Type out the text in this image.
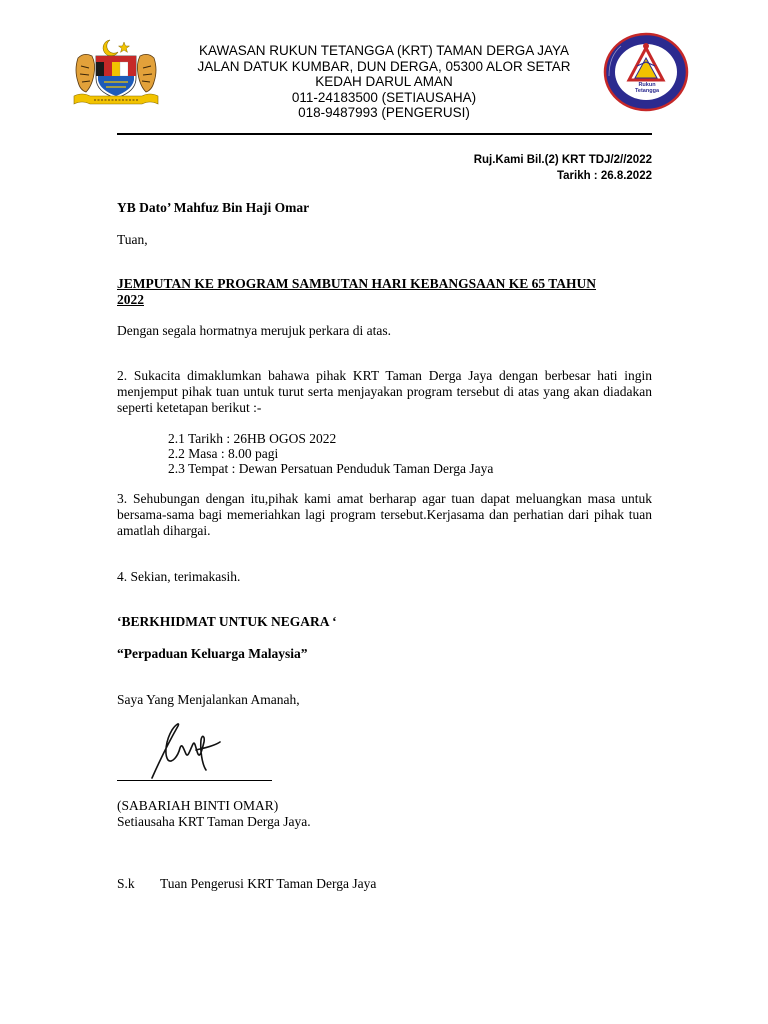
KAWASAN RUKUN TETANGGA (KRT) TAMAN DERGA JAYA
JALAN DATUK KUMBAR, DUN DERGA, 05300 ALOR SETAR
KEDAH DARUL AMAN
011-24183500 (SETIAUSAHA)
018-9487993 (PENGERUSI)
Rukun Tetangga
Ruj.Kami Bil.(2) KRT TDJ/2//2022
Tarikh : 26.8.2022
YB Dato’ Mahfuz Bin Haji Omar
Tuan,
JEMPUTAN KE PROGRAM SAMBUTAN HARI KEBANGSAAN KE 65 TAHUN
2022
Dengan segala hormatnya merujuk perkara di atas.
2. Sukacita dimaklumkan bahawa pihak KRT Taman Derga Jaya dengan berbesar hati ingin menjemput pihak tuan untuk turut serta menjayakan program tersebut di atas yang akan diadakan seperti ketetapan berikut :-
2.1 Tarikh : 26HB OGOS 2022
2.2 Masa : 8.00 pagi
2.3 Tempat : Dewan Persatuan Penduduk Taman Derga Jaya
3. Sehubungan dengan itu,pihak kami amat berharap agar tuan dapat meluangkan masa untuk bersama-sama bagi memeriahkan lagi program tersebut.Kerjasama dan perhatian dari pihak tuan amatlah dihargai.
4. Sekian, terimakasih.
‘BERKHIDMAT UNTUK NEGARA ‘
“Perpaduan Keluarga Malaysia”
Saya Yang Menjalankan Amanah,
(SABARIAH BINTI OMAR)
Setiausaha KRT Taman Derga Jaya.
S.k	Tuan Pengerusi KRT Taman Derga Jaya
